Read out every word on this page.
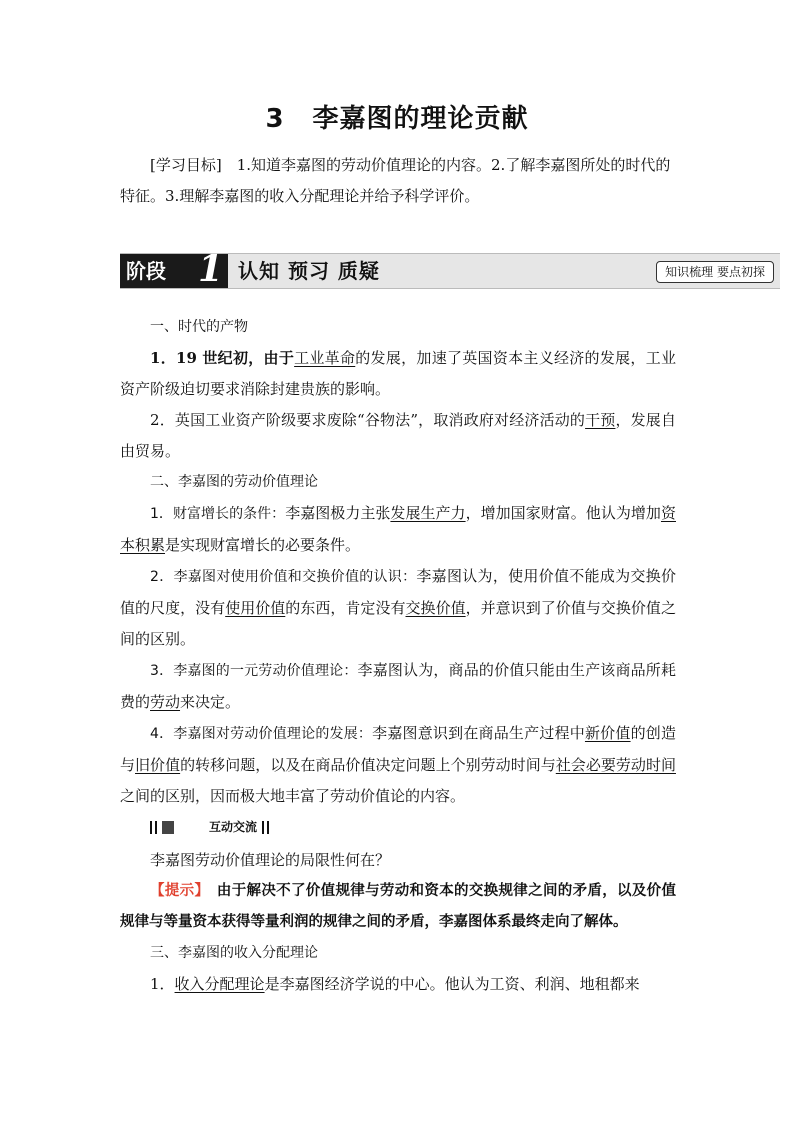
3 李嘉图的理论贡献
[学习目标]　1.知道李嘉图的劳动价值理论的内容。2.了解李嘉图所处的时代的特征。3.理解李嘉图的收入分配理论并给予科学评价。
阶段 1 认知 预习 质疑	知识梳理 要点初探

一、时代的产物

1．19 世纪初，由于工业革命的发展，加速了英国资本主义经济的发展，工业资产阶级迫切要求消除封建贵族的影响。

2．英国工业资产阶级要求废除“谷物法”，取消政府对经济活动的干预，发展自由贸易。

二、李嘉图的劳动价值理论

1．财富增长的条件：李嘉图极力主张发展生产力，增加国家财富。他认为增加资本积累是实现财富增长的必要条件。

2．李嘉图对使用价值和交换价值的认识：李嘉图认为，使用价值不能成为交换价值的尺度，没有使用价值的东西，肯定没有交换价值，并意识到了价值与交换价值之间的区别。

3．李嘉图的一元劳动价值理论：李嘉图认为，商品的价值只能由生产该商品所耗费的劳动来决定。

4．李嘉图对劳动价值理论的发展：李嘉图意识到在商品生产过程中新价值的创造与旧价值的转移问题，以及在商品价值决定问题上个别劳动时间与社会必要劳动时间之间的区别，因而极大地丰富了劳动价值论的内容。

? 互动交流

李嘉图劳动价值理论的局限性何在？

【提示】　由于解决不了价值规律与劳动和资本的交换规律之间的矛盾，以及价值规律与等量资本获得等量利润的规律之间的矛盾，李嘉图体系最终走向了解体。

三、李嘉图的收入分配理论

1．收入分配理论是李嘉图经济学说的中心。他认为工资、利润、地租都来
